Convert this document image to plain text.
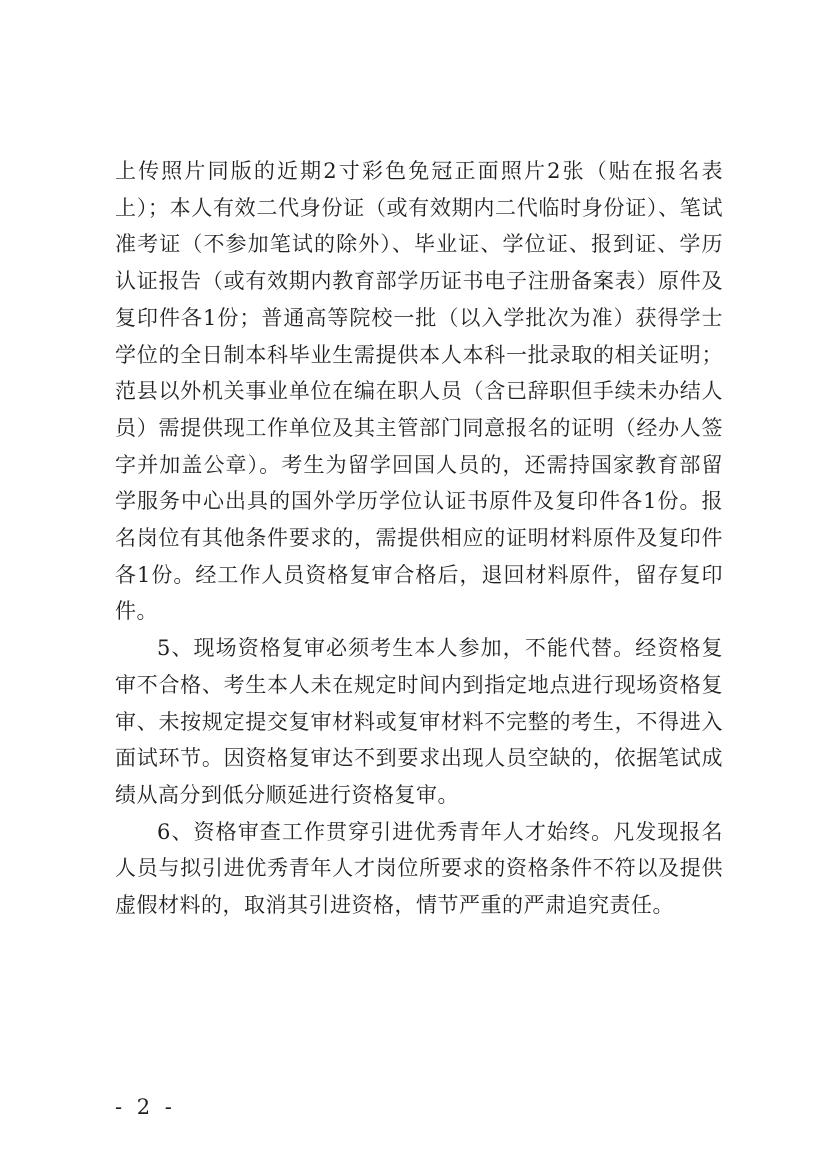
上传照片同版的近期2寸彩色免冠正面照片2张（贴在报名表上）；本人有效二代身份证（或有效期内二代临时身份证）、笔试准考证（不参加笔试的除外）、毕业证、学位证、报到证、学历认证报告（或有效期内教育部学历证书电子注册备案表）原件及复印件各1份；普通高等院校一批（以入学批次为准）获得学士学位的全日制本科毕业生需提供本人本科一批录取的相关证明；范县以外机关事业单位在编在职人员（含已辞职但手续未办结人员）需提供现工作单位及其主管部门同意报名的证明（经办人签字并加盖公章）。考生为留学回国人员的，还需持国家教育部留学服务中心出具的国外学历学位认证书原件及复印件各1份。报名岗位有其他条件要求的，需提供相应的证明材料原件及复印件各1份。经工作人员资格复审合格后，退回材料原件，留存复印件。

5、现场资格复审必须考生本人参加，不能代替。经资格复审不合格、考生本人未在规定时间内到指定地点进行现场资格复审、未按规定提交复审材料或复审材料不完整的考生，不得进入面试环节。因资格复审达不到要求出现人员空缺的，依据笔试成绩从高分到低分顺延进行资格复审。

6、资格审查工作贯穿引进优秀青年人才始终。凡发现报名人员与拟引进优秀青年人才岗位所要求的资格条件不符以及提供虚假材料的，取消其引进资格，情节严重的严肃追究责任。

- 2 -
